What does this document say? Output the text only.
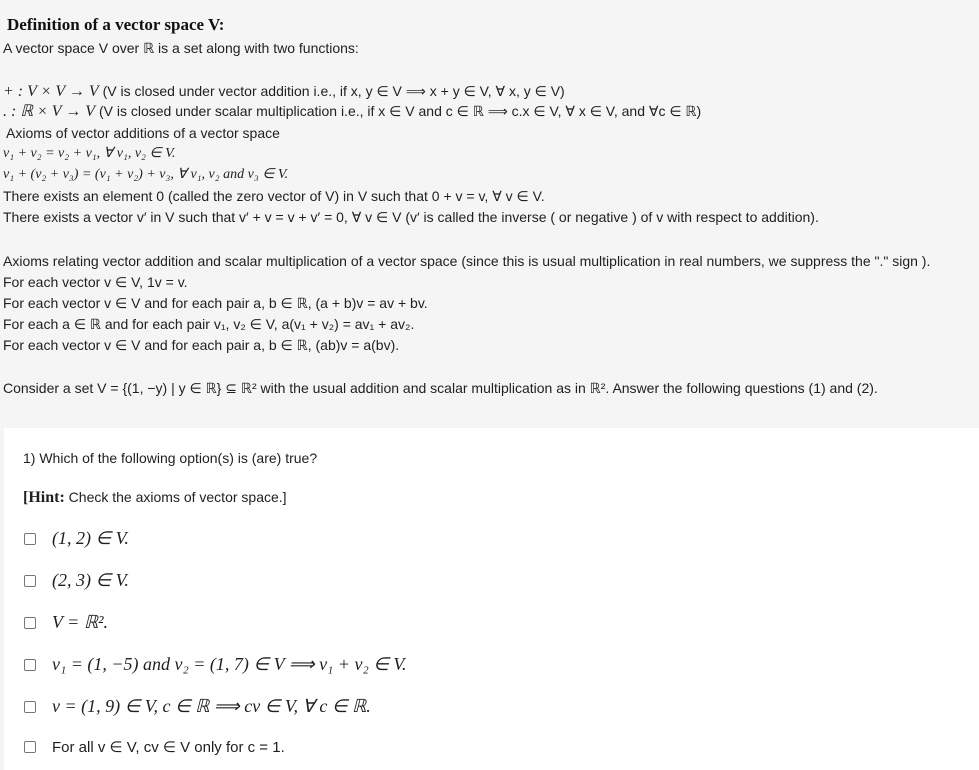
Definition of a vector space V:
A vector space V over ℝ is a set along with two functions:
+ : V × V → V (V is closed under vector addition i.e., if x, y ∈ V ⟹ x + y ∈ V, ∀ x, y ∈ V)
. : ℝ × V → V (V is closed under scalar multiplication i.e., if x ∈ V and c ∈ ℝ ⟹ c.x ∈ V, ∀ x ∈ V, and ∀c ∈ ℝ)
Axioms of vector additions of a vector space
v₁ + v₂ = v₂ + v₁, ∀ v₁, v₂ ∈ V.
v₁ + (v₂ + v₃) = (v₁ + v₂) + v₃, ∀ v₁, v₂ and v₃ ∈ V.
There exists an element 0 (called the zero vector of V) in V such that 0 + v = v, ∀ v ∈ V.
There exists a vector v′ in V such that v′ + v = v + v′ = 0, ∀ v ∈ V (v′ is called the inverse ( or negative ) of v with respect to addition).
Axioms relating vector addition and scalar multiplication of a vector space (since this is usual multiplication in real numbers, we suppress the "." sign ).
For each vector v ∈ V, 1v = v.
For each vector v ∈ V and for each pair a, b ∈ ℝ, (a + b)v = av + bv.
For each a ∈ ℝ and for each pair v₁, v₂ ∈ V, a(v₁ + v₂) = av₁ + av₂.
For each vector v ∈ V and for each pair a, b ∈ ℝ, (ab)v = a(bv).
Consider a set V = {(1, −y) | y ∈ ℝ} ⊆ ℝ² with the usual addition and scalar multiplication as in ℝ². Answer the following questions (1) and (2).
1) Which of the following option(s) is (are) true?
[Hint: Check the axioms of vector space.]
(1, 2) ∈ V.
(2, 3) ∈ V.
V = ℝ².
v₁ = (1, −5) and v₂ = (1, 7) ∈ V ⟹ v₁ + v₂ ∈ V.
v = (1, 9) ∈ V, c ∈ ℝ ⟹ cv ∈ V, ∀ c ∈ ℝ.
For all v ∈ V, cv ∈ V only for c = 1.
